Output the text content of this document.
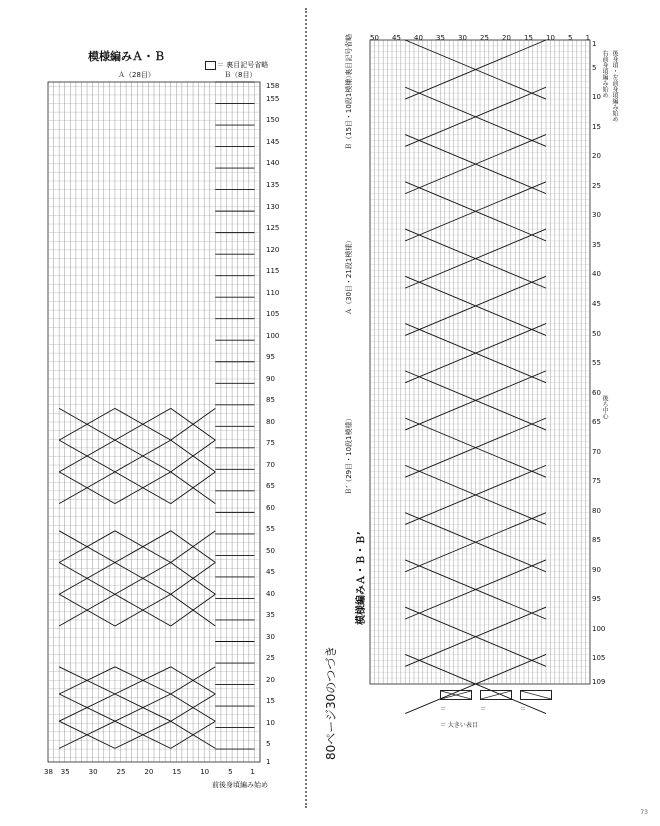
模様編みＡ・Ｂ
＝ 裏目記号省略
Ａ（28目）	Ｂ（8目）
158
155
150
145
140
135
130
125
120
115
110
105
100
95
90
85
80
75
70
65
60
55
50
45
40
35
30
25
20
15
10
5
1
38 35	30	25	20	15	10	5	1
前後身頃編み始め
80ページ30のつづき
模様編みＡ・Ｂ・Ｂ’
50 45 40 35 30 25 20 15 10 5 1
1
5
10
15
20
25
30
35
40
45
50
55
60
65
70
75
80
85
90
95
100
105
109
Ｂ（15目・10段1模様）
Ａ（30目・21段1模様）
Ｂ’（29目・10段1模様）
＝ 裏目記号省略	右前身頃編み始め 後身頃・左前身頃編み始め
後ろ中心
＝	＝	＝
＝ 大きい表目
73
